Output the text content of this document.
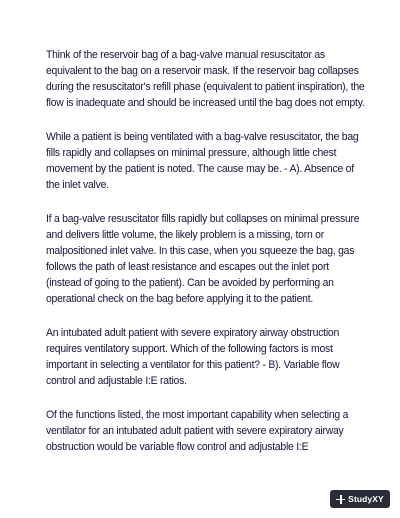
Think of the reservoir bag of a bag-valve manual resuscitator as equivalent to the bag on a reservoir mask. If the reservoir bag collapses during the resuscitator's refill phase (equivalent to patient inspiration), the flow is inadequate and should be increased until the bag does not empty.

While a patient is being ventilated with a bag-valve resuscitator, the bag fills rapidly and collapses on minimal pressure, although little chest movement by the patient is noted. The cause may be. - A). Absence of the inlet valve.

If a bag-valve resuscitator fills rapidly but collapses on minimal pressure and delivers little volume, the likely problem is a missing, torn or malpositioned inlet valve. In this case, when you squeeze the bag, gas follows the path of least resistance and escapes out the inlet port (instead of going to the patient). Can be avoided by performing an operational check on the bag before applying it to the patient.

An intubated adult patient with severe expiratory airway obstruction requires ventilatory support. Which of the following factors is most important in selecting a ventilator for this patient? - B). Variable flow control and adjustable I:E ratios.

Of the functions listed, the most important capability when selecting a ventilator for an intubated adult patient with severe expiratory airway obstruction would be variable flow control and adjustable I:E

StudyXY
